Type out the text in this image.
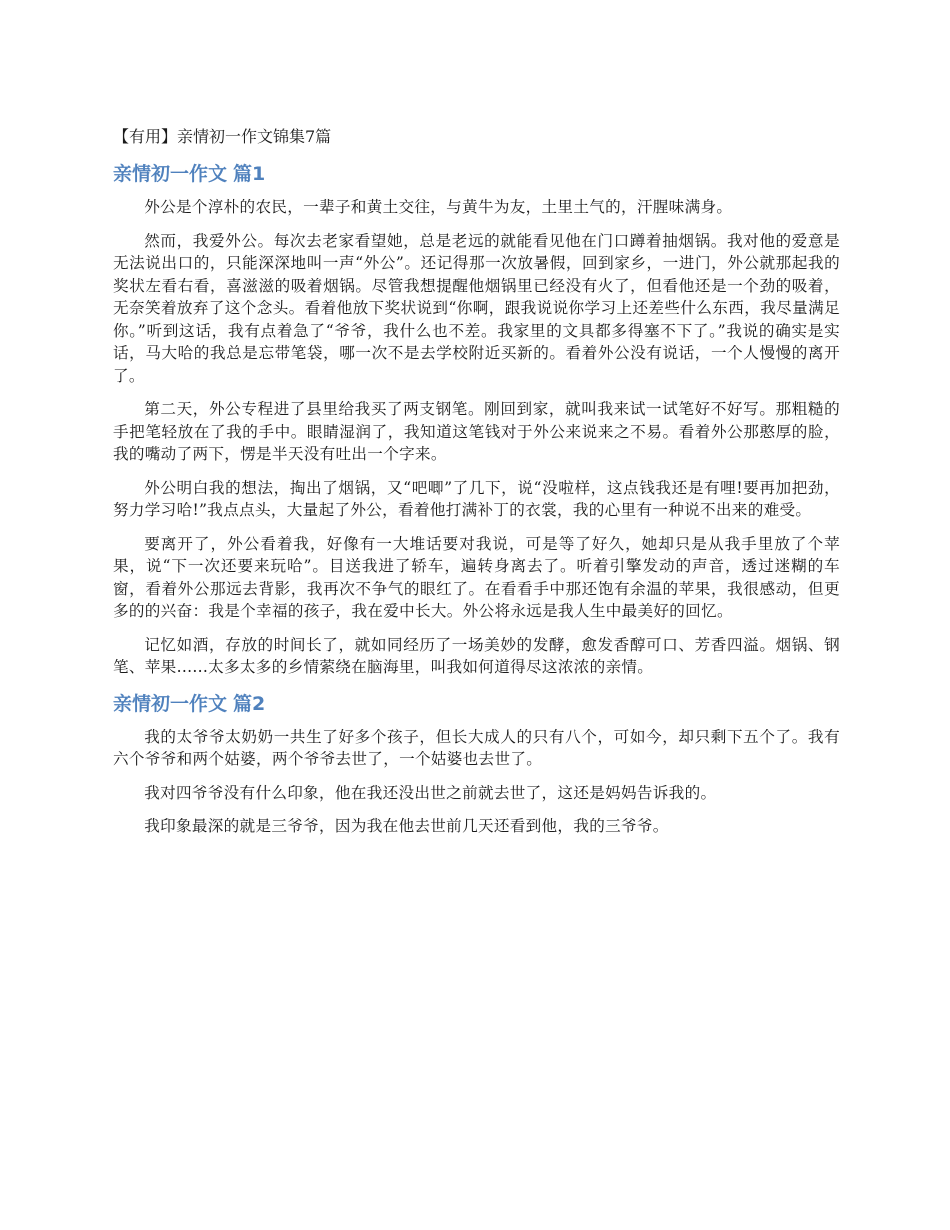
【有用】亲情初一作文锦集7篇
亲情初一作文 篇1

外公是个淳朴的农民，一辈子和黄土交往，与黄牛为友，土里土气的，汗腥味满身。

然而，我爱外公。每次去老家看望她，总是老远的就能看见他在门口蹲着抽烟锅。我对他的爱意是无法说出口的，只能深深地叫一声“外公”。还记得那一次放暑假，回到家乡，一进门，外公就那起我的奖状左看右看，喜滋滋的吸着烟锅。尽管我想提醒他烟锅里已经没有火了，但看他还是一个劲的吸着，无奈笑着放弃了这个念头。看着他放下奖状说到“你啊，跟我说说你学习上还差些什么东西，我尽量满足你。”听到这话，我有点着急了“爷爷，我什么也不差。我家里的文具都多得塞不下了。”我说的确实是实话，马大哈的我总是忘带笔袋，哪一次不是去学校附近买新的。看着外公没有说话，一个人慢慢的离开了。

第二天，外公专程进了县里给我买了两支钢笔。刚回到家，就叫我来试一试笔好不好写。那粗糙的手把笔轻放在了我的手中。眼睛湿润了，我知道这笔钱对于外公来说来之不易。看着外公那憨厚的脸，我的嘴动了两下，愣是半天没有吐出一个字来。

外公明白我的想法，掏出了烟锅，又“吧唧”了几下，说“没啦样，这点钱我还是有哩!要再加把劲，努力学习哈!”我点点头，大量起了外公，看着他打满补丁的衣裳，我的心里有一种说不出来的难受。

要离开了，外公看着我，好像有一大堆话要对我说，可是等了好久，她却只是从我手里放了个苹果，说“下一次还要来玩哈”。目送我进了轿车，遍转身离去了。听着引擎发动的声音，透过迷糊的车窗，看着外公那远去背影，我再次不争气的眼红了。在看看手中那还饱有余温的苹果，我很感动，但更多的的兴奋：我是个幸福的孩子，我在爱中长大。外公将永远是我人生中最美好的回忆。

记忆如酒，存放的时间长了，就如同经历了一场美妙的发酵，愈发香醇可口、芳香四溢。烟锅、钢笔、苹果......太多太多的乡情萦绕在脑海里，叫我如何道得尽这浓浓的亲情。

亲情初一作文 篇2

我的太爷爷太奶奶一共生了好多个孩子，但长大成人的只有八个，可如今，却只剩下五个了。我有六个爷爷和两个姑婆，两个爷爷去世了，一个姑婆也去世了。

我对四爷爷没有什么印象，他在我还没出世之前就去世了，这还是妈妈告诉我的。

我印象最深的就是三爷爷，因为我在他去世前几天还看到他，我的三爷爷。
